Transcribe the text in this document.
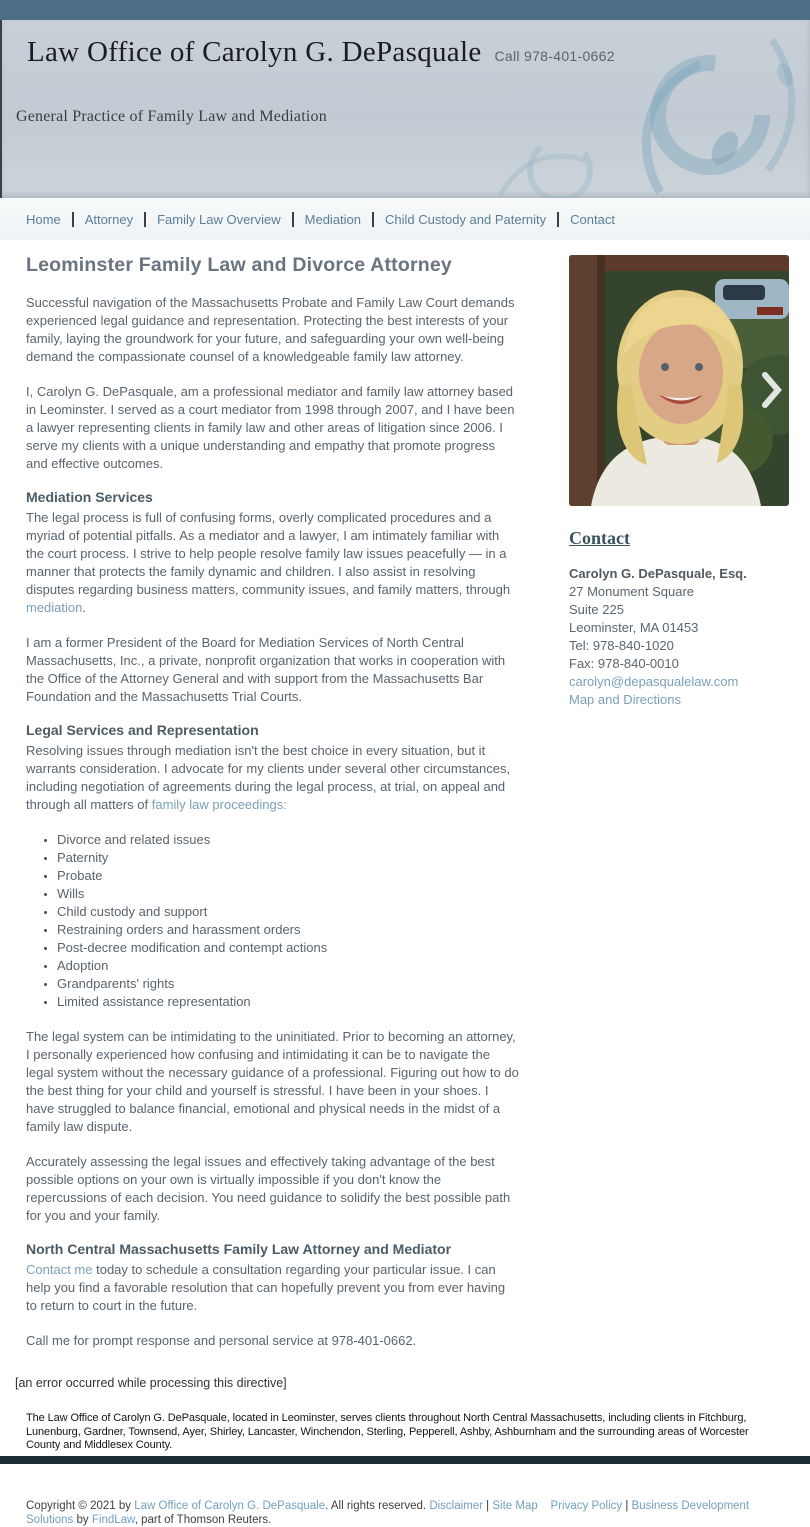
Law Office of Carolyn G. DePasquale Call 978-401-0662
General Practice of Family Law and Mediation
Home Attorney Family Law Overview Mediation Child Custody and Paternity Contact
Leominster Family Law and Divorce Attorney

Successful navigation of the Massachusetts Probate and Family Law Court demands experienced legal guidance and representation. Protecting the best interests of your family, laying the groundwork for your future, and safeguarding your own well-being demand the compassionate counsel of a knowledgeable family law attorney.

I, Carolyn G. DePasquale, am a professional mediator and family law attorney based in Leominster. I served as a court mediator from 1998 through 2007, and I have been a lawyer representing clients in family law and other areas of litigation since 2006. I serve my clients with a unique understanding and empathy that promote progress and effective outcomes.

Mediation Services

The legal process is full of confusing forms, overly complicated procedures and a myriad of potential pitfalls. As a mediator and a lawyer, I am intimately familiar with the court process. I strive to help people resolve family law issues peacefully — in a manner that protects the family dynamic and children. I also assist in resolving disputes regarding business matters, community issues, and family matters, through mediation.

I am a former President of the Board for Mediation Services of North Central Massachusetts, Inc., a private, nonprofit organization that works in cooperation with the Office of the Attorney General and with support from the Massachusetts Bar Foundation and the Massachusetts Trial Courts.

Legal Services and Representation

Resolving issues through mediation isn't the best choice in every situation, but it warrants consideration. I advocate for my clients under several other circumstances, including negotiation of agreements during the legal process, at trial, on appeal and through all matters of family law proceedings:

• Divorce and related issues
• Paternity
• Probate
• Wills
• Child custody and support
• Restraining orders and harassment orders
• Post-decree modification and contempt actions
• Adoption
• Grandparents' rights
• Limited assistance representation

The legal system can be intimidating to the uninitiated. Prior to becoming an attorney, I personally experienced how confusing and intimidating it can be to navigate the legal system without the necessary guidance of a professional. Figuring out how to do the best thing for your child and yourself is stressful. I have been in your shoes. I have struggled to balance financial, emotional and physical needs in the midst of a family law dispute.

Accurately assessing the legal issues and effectively taking advantage of the best possible options on your own is virtually impossible if you don't know the repercussions of each decision. You need guidance to solidify the best possible path for you and your family.

North Central Massachusetts Family Law Attorney and Mediator

Contact me today to schedule a consultation regarding your particular issue. I can help you find a favorable resolution that can hopefully prevent you from ever having to return to court in the future.

Call me for prompt response and personal service at 978-401-0662.

Contact
Carolyn G. DePasquale, Esq.
27 Monument Square
Suite 225
Leominster, MA 01453
Tel: 978-840-1020
Fax: 978-840-0010
carolyn@depasqualelaw.com
Map and Directions
[an error occurred while processing this directive]
The Law Office of Carolyn G. DePasquale, located in Leominster, serves clients throughout North Central Massachusetts, including clients in Fitchburg, Lunenburg, Gardner, Townsend, Ayer, Shirley, Lancaster, Winchendon, Sterling, Pepperell, Ashby, Ashburnham and the surrounding areas of Worcester County and Middlesex County.
Copyright © 2021 by Law Office of Carolyn G. DePasquale. All rights reserved. Disclaimer | Site Map Privacy Policy | Business Development Solutions by FindLaw, part of Thomson Reuters.
